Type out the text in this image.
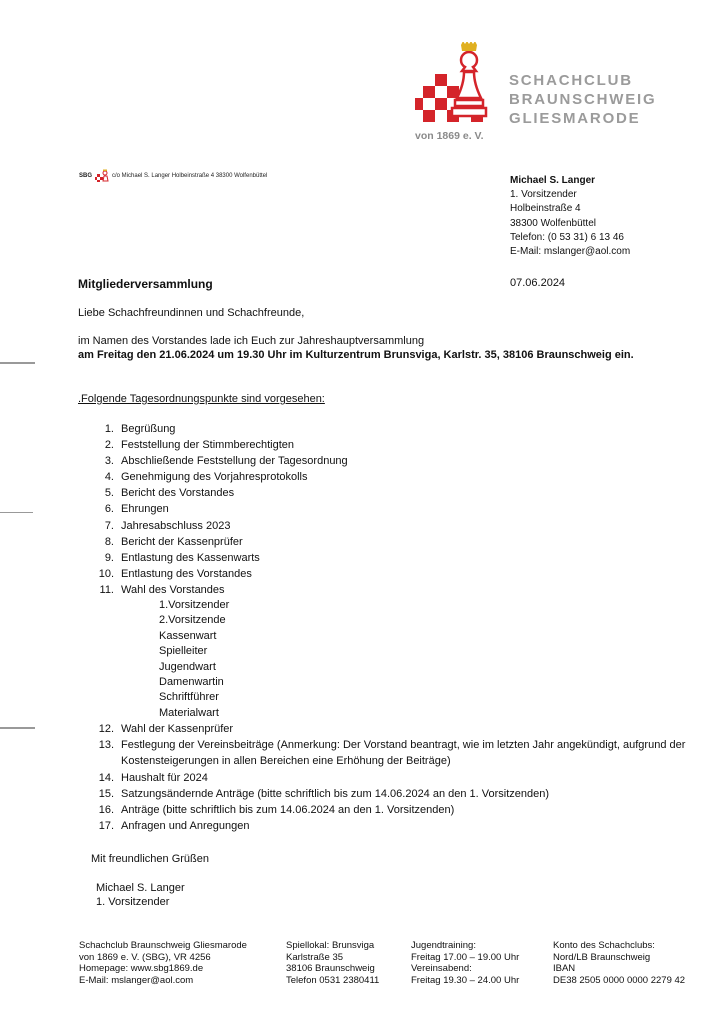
SCHACHCLUB
BRAUNSCHWEIG
GLIESMARODE
von 1869 e. V.
SBG	c/o Michael S. Langer Holbeinstraße 4 38300 Wolfenbüttel	Michael S. Langer
1. Vorsitzender
Holbeinstraße 4
38300 Wolfenbüttel
Telefon: (0 53 31) 6 13 46
E-Mail: mslanger@aol.com
Mitgliederversammlung	07.06.2024
Liebe Schachfreundinnen und Schachfreunde,
im Namen des Vorstandes lade ich Euch zur Jahreshauptversammlung
am Freitag den 21.06.2024 um 19.30 Uhr im Kulturzentrum Brunsviga, Karlstr. 35, 38106 Braunschweig ein.
.Folgende Tagesordnungspunkte sind vorgesehen:
1. Begrüßung
2. Feststellung der Stimmberechtigten
3. Abschließende Feststellung der Tagesordnung
4. Genehmigung des Vorjahresprotokolls
5. Bericht des Vorstandes
6. Ehrungen
7. Jahresabschluss 2023
8. Bericht der Kassenprüfer
9. Entlastung des Kassenwarts
10. Entlastung des Vorstandes
11. Wahl des Vorstandes
1.Vorsitzender
2.Vorsitzende
Kassenwart
Spielleiter
Jugendwart
Damenwartin
Schriftführer
Materialwart
12. Wahl der Kassenprüfer
13. Festlegung der Vereinsbeiträge (Anmerkung: Der Vorstand beantragt, wie im letzten Jahr angekündigt, aufgrund der Kostensteigerungen in allen Bereichen eine Erhöhung der Beiträge)
14. Haushalt für 2024
15. Satzungsändernde Anträge (bitte schriftlich bis zum 14.06.2024 an den 1. Vorsitzenden)
16. Anträge (bitte schriftlich bis zum 14.06.2024 an den 1. Vorsitzenden)
17. Anfragen und Anregungen
Mit freundlichen Grüßen
Michael S. Langer
1. Vorsitzender
Schachclub Braunschweig Gliesmarode
von 1869 e. V. (SBG), VR 4256
Homepage: www.sbg1869.de
E-Mail: mslanger@aol.com
Spiellokal: Brunsviga
Karlstraße 35
38106 Braunschweig
Telefon 0531 2380411
Jugendtraining:
Freitag 17.00 – 19.00 Uhr
Vereinsabend:
Freitag 19.30 – 24.00 Uhr
Konto des Schachclubs:
Nord/LB Braunschweig
IBAN
DE38 2505 0000 0000 2279 42
